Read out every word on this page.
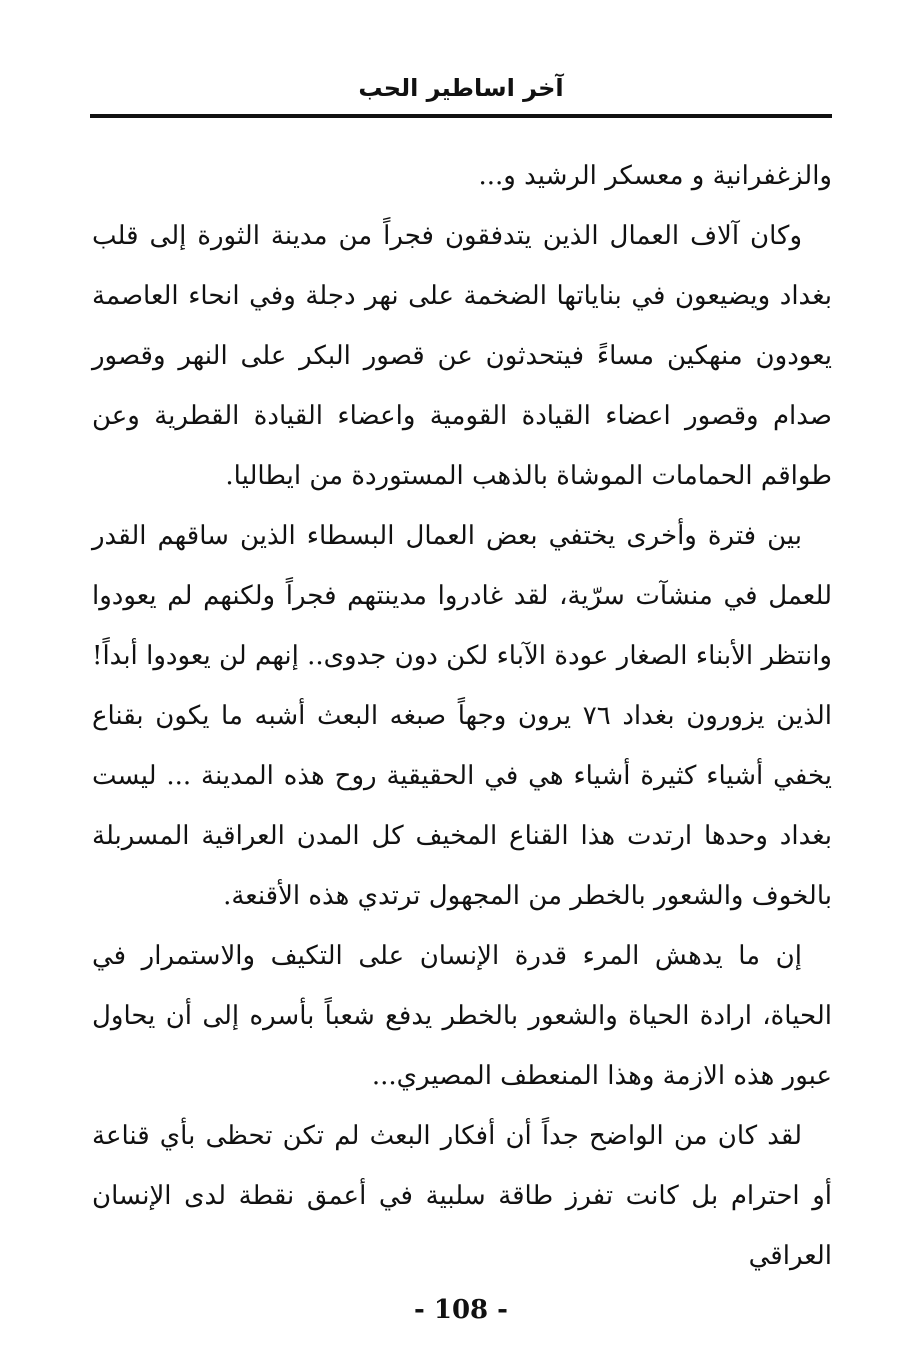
آخر اساطير الحب

والزغفرانية و معسكر الرشيد و...

وكان آلاف العمال الذين يتدفقون فجراً من مدينة الثورة إلى قلب بغداد ويضيعون في بناياتها الضخمة على نهر دجلة وفي انحاء العاصمة يعودون منهكين مساءً فيتحدثون عن قصور البكر على النهر وقصور صدام وقصور اعضاء القيادة القومية واعضاء القيادة القطرية وعن طواقم الحمامات الموشاة بالذهب المستوردة من ايطاليا.

بين فترة وأخرى يختفي بعض العمال البسطاء الذين ساقهم القدر للعمل في منشآت سرّية، لقد غادروا مدينتهم فجراً ولكنهم لم يعودوا وانتظر الأبناء الصغار عودة الآباء لكن دون جدوى.. إنهم لن يعودوا أبداً! الذين يزورون بغداد ٧٦ يرون وجهاً صبغه البعث أشبه ما يكون بقناع يخفي أشياء كثيرة أشياء هي في الحقيقية روح هذه المدينة ... ليست بغداد وحدها ارتدت هذا القناع المخيف كل المدن العراقية المسربلة بالخوف والشعور بالخطر من المجهول ترتدي هذه الأقنعة.

إن ما يدهش المرء قدرة الإنسان على التكيف والاستمرار في الحياة، ارادة الحياة والشعور بالخطر يدفع شعباً بأسره إلى أن يحاول عبور هذه الازمة وهذا المنعطف المصيري...

لقد كان من الواضح جداً أن أفكار البعث لم تكن تحظى بأي قناعة أو احترام بل كانت تفرز طاقة سلبية في أعمق نقطة لدى الإنسان العراقي

- 108 -
